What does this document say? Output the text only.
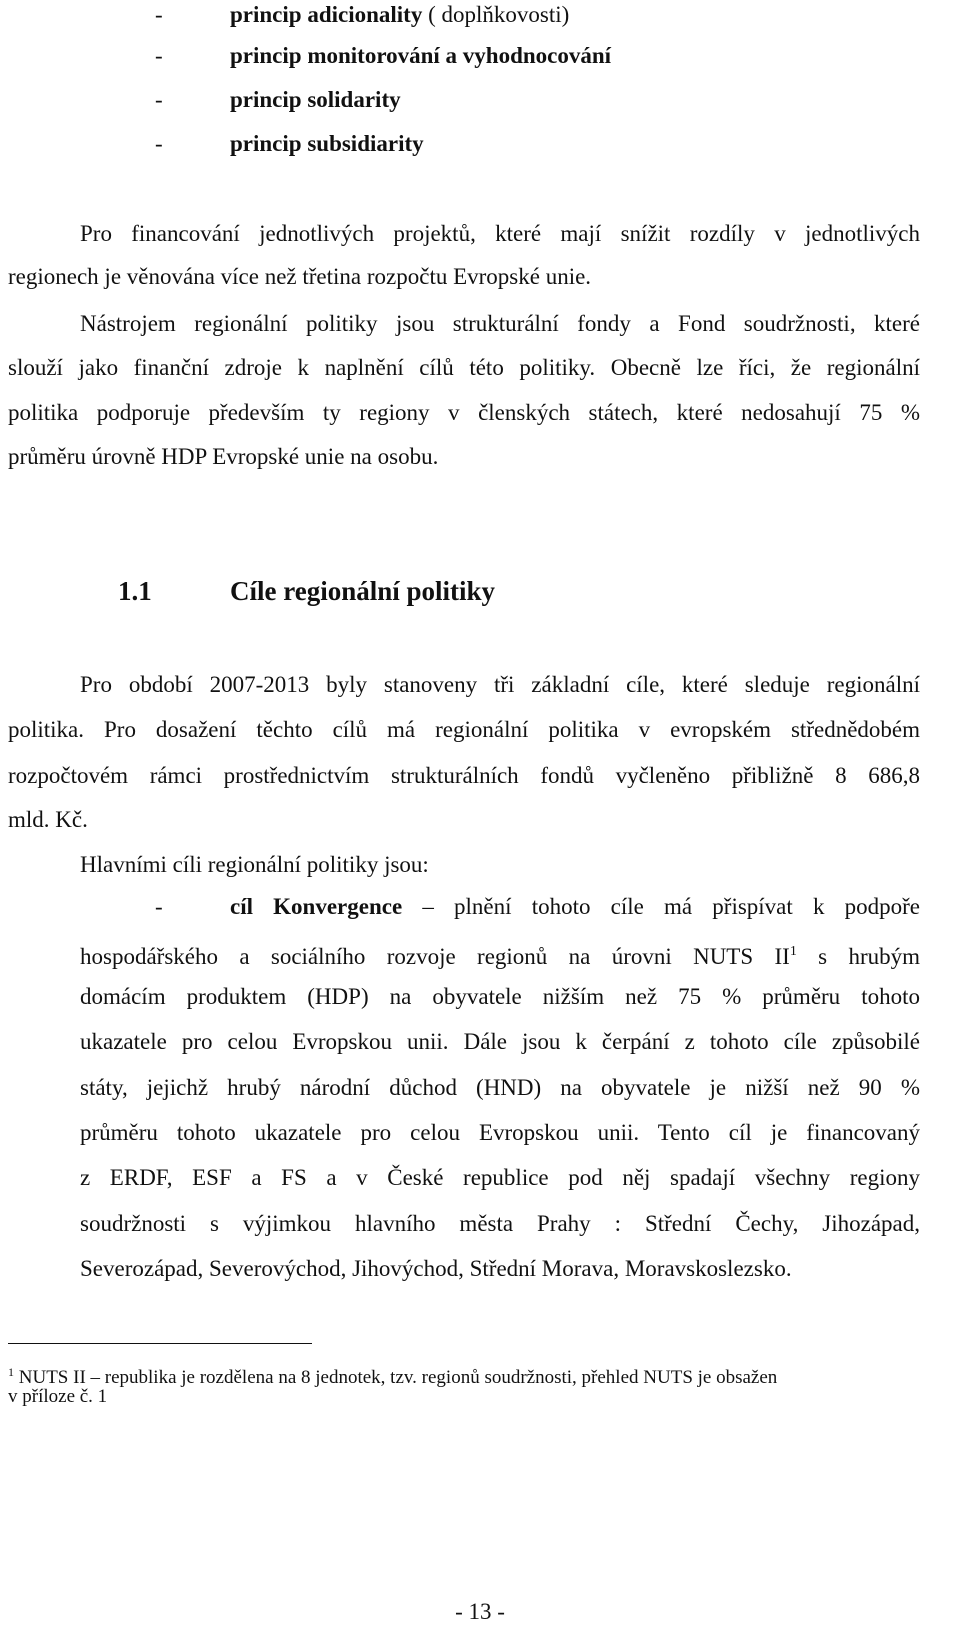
-	princip adicionality ( doplňkovosti)
-	princip monitorování a vyhodnocování
-	princip solidarity
-	princip subsidiarity
Pro financování jednotlivých projektů, které mají snížit rozdíly v jednotlivých
regionech je věnována více než třetina rozpočtu Evropské unie.
Nástrojem regionální politiky jsou strukturální fondy a Fond soudržnosti, které
slouží jako finanční zdroje k naplnění cílů této politiky. Obecně lze říci, že regionální
politika podporuje především ty regiony v členských státech, které nedosahují 75 %
průměru úrovně HDP Evropské unie na osobu.
1.1	Cíle regionální politiky
Pro období 2007-2013 byly stanoveny tři základní cíle, které sleduje regionální
politika. Pro dosažení těchto cílů má regionální politika v evropském střednědobém
rozpočtovém rámci prostřednictvím strukturálních fondů vyčleněno přibližně 8 686,8
mld. Kč.
Hlavními cíli regionální politiky jsou:
-	cíl Konvergence – plnění tohoto cíle má přispívat k podpoře
hospodářského a sociálního rozvoje regionů na úrovni NUTS $II^1$ s hrubým
domácím produktem (HDP) na obyvatele nižším než 75 % průměru tohoto
ukazatele pro celou Evropskou unii. Dále jsou k čerpání z tohoto cíle způsobilé
státy, jejichž hrubý národní důchod (HND) na obyvatele je nižší než 90 %
průměru tohoto ukazatele pro celou Evropskou unii. Tento cíl je financovaný
z ERDF, ESF a FS a v České republice pod něj spadají všechny regiony
soudržnosti s výjimkou hlavního města Prahy : Střední Čechy, Jihozápad,
Severozápad, Severovýchod, Jihovýchod, Střední Morava, Moravskoslezsko.
$^1$ NUTS II – republika je rozdělena na 8 jednotek, tzv. regionů soudržnosti, přehled NUTS je obsažen
v příloze č. 1
- 13 -
